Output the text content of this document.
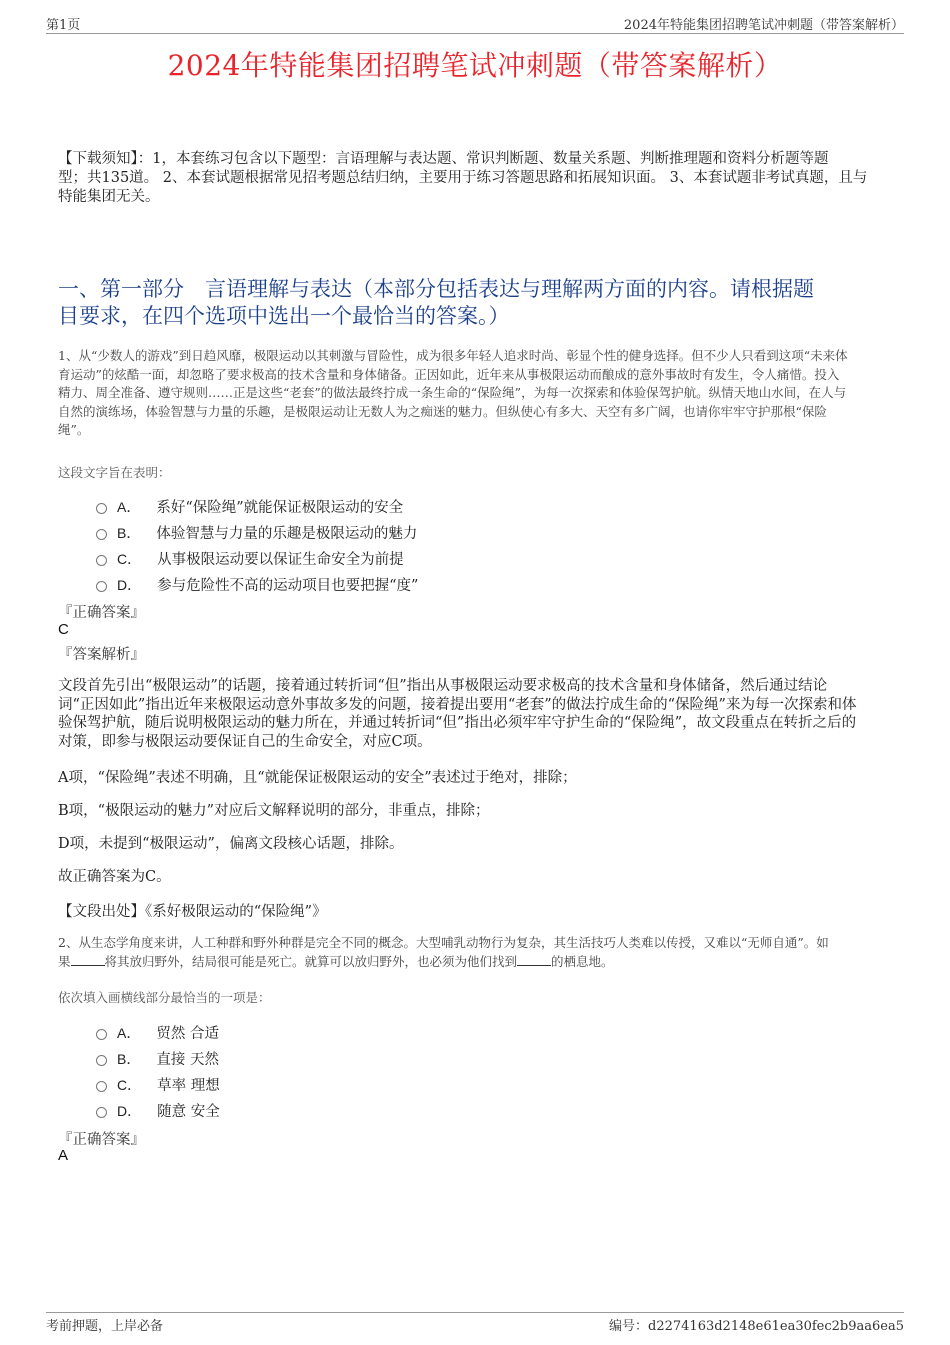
第1页	2024年特能集团招聘笔试冲刺题（带答案解析）
2024年特能集团招聘笔试冲刺题（带答案解析）
【下载须知】：1，本套练习包含以下题型：言语理解与表达题、常识判断题、数量关系题、判断推理题和资料分析题等题
型；共135道。 2、本套试题根据常见招考题总结归纳，主要用于练习答题思路和拓展知识面。 3、本套试题非考试真题，且与
特能集团无关。
一、第一部分　言语理解与表达（本部分包括表达与理解两方面的内容。请根据题
目要求，在四个选项中选出一个最恰当的答案。）
1、从“少数人的游戏”到日趋风靡，极限运动以其刺激与冒险性，成为很多年轻人追求时尚、彰显个性的健身选择。但不少人只看到这项“未来体
育运动”的炫酷一面，却忽略了要求极高的技术含量和身体储备。正因如此，近年来从事极限运动而酿成的意外事故时有发生，令人痛惜。投入
精力、周全准备、遵守规则……正是这些“老套”的做法最终拧成一条生命的“保险绳”，为每一次探索和体验保驾护航。纵情天地山水间，在人与
自然的演练场，体验智慧与力量的乐趣，是极限运动让无数人为之痴迷的魅力。但纵使心有多大、天空有多广阔，也请你牢牢守护那根“保险
绳”。
这段文字旨在表明：
A． 系好“保险绳”就能保证极限运动的安全
B． 体验智慧与力量的乐趣是极限运动的魅力
C． 从事极限运动要以保证生命安全为前提
D． 参与危险性不高的运动项目也要把握“度”
『正确答案』
C
『答案解析』
文段首先引出“极限运动”的话题，接着通过转折词“但”指出从事极限运动要求极高的技术含量和身体储备，然后通过结论
词“正因如此”指出近年来极限运动意外事故多发的问题，接着提出要用“老套”的做法拧成生命的“保险绳”来为每一次探索和体
验保驾护航，随后说明极限运动的魅力所在，并通过转折词“但”指出必须牢牢守护生命的“保险绳”，故文段重点在转折之后的
对策，即参与极限运动要保证自己的生命安全，对应C项。
A项，“保险绳”表述不明确，且“就能保证极限运动的安全”表述过于绝对，排除；
B项，“极限运动的魅力”对应后文解释说明的部分，非重点，排除；
D项，未提到“极限运动”，偏离文段核心话题，排除。
故正确答案为C。
【文段出处】《系好极限运动的“保险绳”》
2、从生态学角度来讲，人工种群和野外种群是完全不同的概念。大型哺乳动物行为复杂，其生活技巧人类难以传授，又难以“无师自通”。如
果	将其放归野外，结局很可能是死亡。就算可以放归野外，也必须为他们找到	的栖息地。
依次填入画横线部分最恰当的一项是：
A． 贸然 合适
B． 直接 天然
C． 草率 理想
D． 随意 安全
『正确答案』
A
考前押题，上岸必备	编号：d2274163d2148e61ea30fec2b9aa6ea5
